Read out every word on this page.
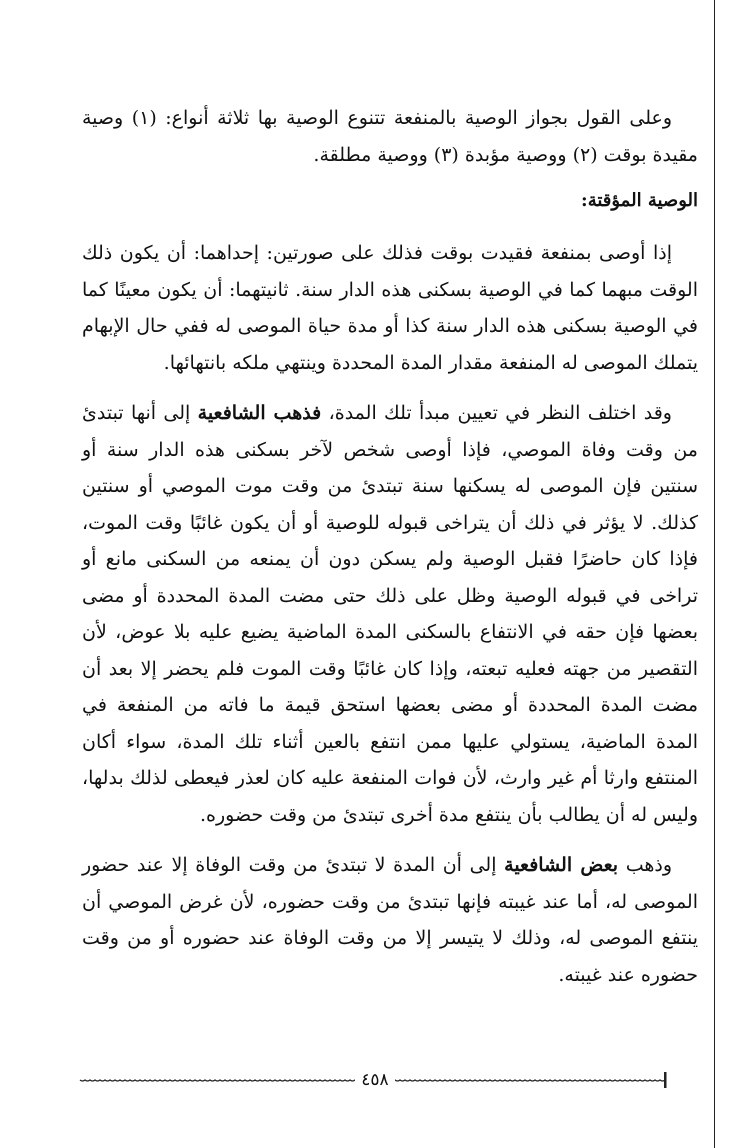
وعلى القول بجواز الوصية بالمنفعة تتنوع الوصية بها ثلاثة أنواع: (١) وصية مقيدة بوقت (٢) ووصية مؤبدة (٣) ووصية مطلقة.

الوصية المؤقتة:

إذا أوصى بمنفعة فقيدت بوقت فذلك على صورتين: إحداهما: أن يكون ذلك الوقت مبهما كما في الوصية بسكنى هذه الدار سنة. ثانيتهما: أن يكون معينًا كما في الوصية بسكنى هذه الدار سنة كذا أو مدة حياة الموصى له ففي حال الإبهام يتملك الموصى له المنفعة مقدار المدة المحددة وينتهي ملكه بانتهائها.

وقد اختلف النظر في تعيين مبدأ تلك المدة، فذهب الشافعية إلى أنها تبتدئ من وقت وفاة الموصي، فإذا أوصى شخص لآخر بسكنى هذه الدار سنة أو سنتين فإن الموصى له يسكنها سنة تبتدئ من وقت موت الموصي أو سنتين كذلك. لا يؤثر في ذلك أن يتراخى قبوله للوصية أو أن يكون غائبًا وقت الموت، فإذا كان حاضرًا فقبل الوصية ولم يسكن دون أن يمنعه من السكنى مانع أو تراخى في قبوله الوصية وظل على ذلك حتى مضت المدة المحددة أو مضى بعضها فإن حقه في الانتفاع بالسكنى المدة الماضية يضيع عليه بلا عوض، لأن التقصير من جهته فعليه تبعته، وإذا كان غائبًا وقت الموت فلم يحضر إلا بعد أن مضت المدة المحددة أو مضى بعضها استحق قيمة ما فاته من المنفعة في المدة الماضية، يستولي عليها ممن انتفع بالعين أثناء تلك المدة، سواء أكان المنتفع وارثا أم غير وارث، لأن فوات المنفعة عليه كان لعذر فيعطى لذلك بدلها، وليس له أن يطالب بأن ينتفع مدة أخرى تبتدئ من وقت حضوره.

وذهب بعض الشافعية إلى أن المدة لا تبتدئ من وقت الوفاة إلا عند حضور الموصى له، أما عند غيبته فإنها تبتدئ من وقت حضوره، لأن غرض الموصي أن ينتفع الموصى له، وذلك لا يتيسر إلا من وقت الوفاة عند حضوره أو من وقت حضوره عند غيبته.

٤٥٨
